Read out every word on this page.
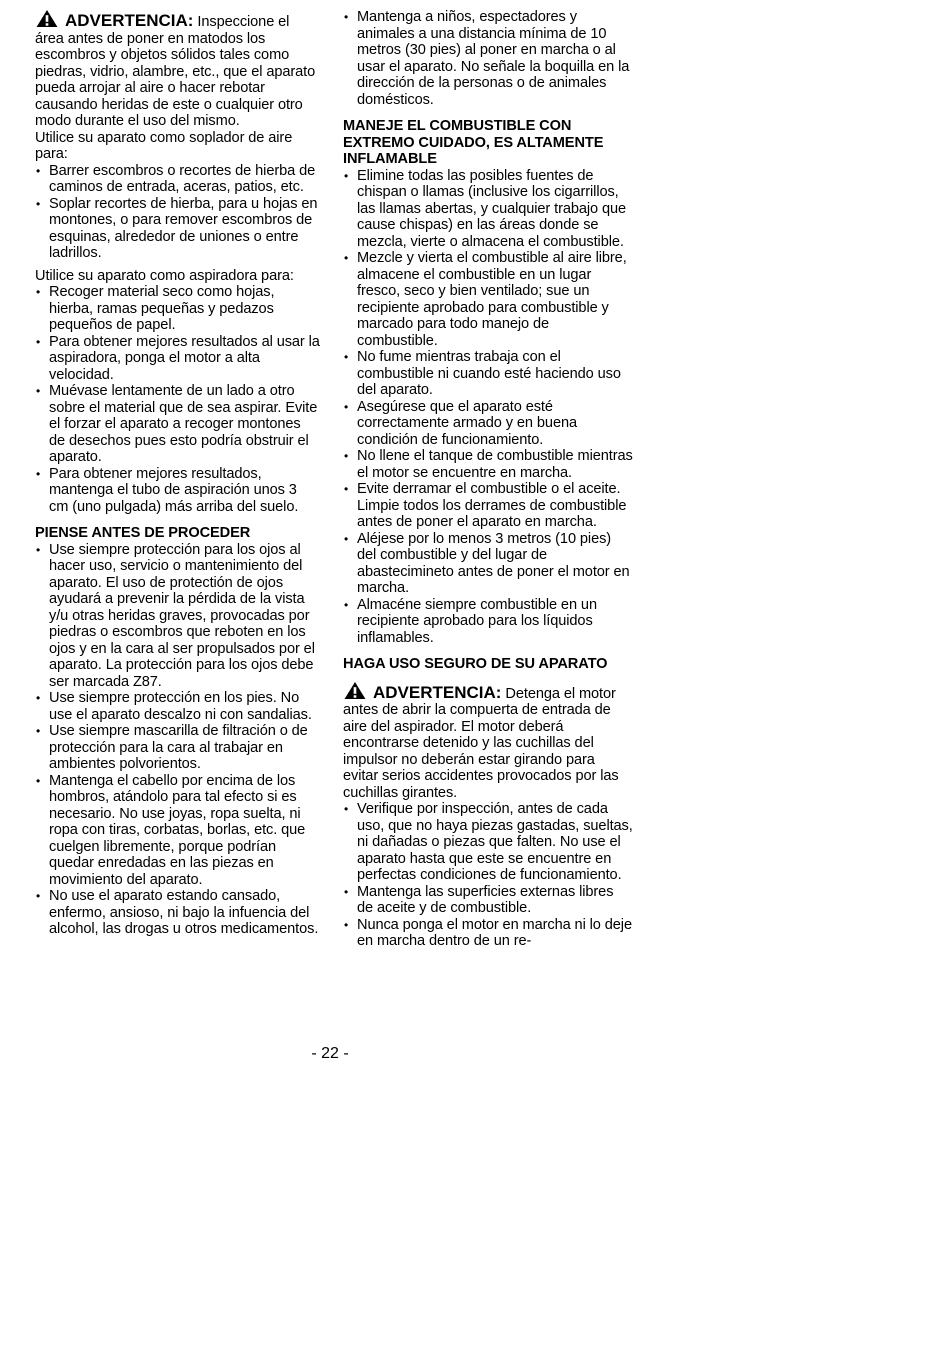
ADVERTENCIA: Inspeccione el área antes de poner en matodos los escombros y objetos sólidos tales como piedras, vidrio, alambre, etc., que el aparato pueda arrojar al aire o hacer rebotar causando heridas de este o cualquier otro modo durante el uso del mismo.

Utilice su aparato como soplador de aire para:

• Barrer escombros o recortes de hierba de caminos de entrada, aceras, patios, etc.
• Soplar recortes de hierba, para u hojas en montones, o para remover escombros de esquinas, alrededor de uniones o entre ladrillos.

Utilice su aparato como aspiradora para:

• Recoger material seco como hojas, hierba, ramas pequeñas y pedazos pequeños de papel.
• Para obtener mejores resultados al usar la aspiradora, ponga el motor a alta velocidad.
• Muévase lentamente de un lado a otro sobre el material que de sea aspirar. Evite el forzar el aparato a recoger montones de desechos pues esto podría obstruir el aparato.
• Para obtener mejores resultados, mantenga el tubo de aspiración unos 3 cm (uno pulgada) más arriba del suelo.

PIENSE ANTES DE PROCEDER

• Use siempre protección para los ojos al hacer uso, servicio o mantenimiento del aparato. El uso de protectión de ojos ayudará a prevenir la pérdida de la vista y/u otras heridas graves, provocadas por piedras o escombros que reboten en los ojos y en la cara al ser propulsados por el aparato. La protección para los ojos debe ser marcada Z87.
• Use siempre protección en los pies. No use el aparato descalzo ni con sandalias.
• Use siempre mascarilla de filtración o de protección para la cara al trabajar en ambientes polvorientos.
• Mantenga el cabello por encima de los hombros, atándolo para tal efecto si es necesario. No use joyas, ropa suelta, ni ropa con tiras, corbatas, borlas, etc. que cuelgen libremente, porque podrían quedar enredadas en las piezas en movimiento del aparato.
• No use el aparato estando cansado, enfermo, ansioso, ni bajo la infuencia del alcohol, las drogas u otros medicamentos.
• Mantenga a niños, espectadores y animales a una distancia mínima de 10 metros (30 pies) al poner en marcha o al usar el aparato. No señale la boquilla en la dirección de la personas o de animales domésticos.

MANEJE EL COMBUSTIBLE CON EXTREMO CUIDADO, ES ALTAMENTE INFLAMABLE

• Elimine todas las posibles fuentes de chispan o llamas (inclusive los cigarrillos, las llamas abertas, y cualquier trabajo que cause chispas) en las áreas donde se mezcla, vierte o almacena el combustible.
• Mezcle y vierta el combustible al aire libre, almacene el combustible en un lugar fresco, seco y bien ventilado; sue un recipiente aprobado para combustible y marcado para todo manejo de combustible.
• No fume mientras trabaja con el combustible ni cuando esté haciendo uso del aparato.
• Asegúrese que el aparato esté correctamente armado y en buena condición de funcionamiento.
• No llene el tanque de combustible mientras el motor se encuentre en marcha.
• Evite derramar el combustible o el aceite. Limpie todos los derrames de combustible antes de poner el aparato en marcha.
• Aléjese por lo menos 3 metros (10 pies) del combustible y del lugar de abastecimineto antes de poner el motor en marcha.
• Almacéne siempre combustible en un recipiente aprobado para los líquidos inflamables.

HAGA USO SEGURO DE SU APARATO

ADVERTENCIA: Detenga el motor antes de abrir la compuerta de entrada de aire del aspirador. El motor deberá encontrarse detenido y las cuchillas del impulsor no deberán estar girando para evitar serios accidentes provocados por las cuchillas girantes.

• Verifique por inspección, antes de cada uso, que no haya piezas gastadas, sueltas, ni dañadas o piezas que falten. No use el aparato hasta que este se encuentre en perfectas condiciones de funcionamiento.
• Mantenga las superficies externas libres de aceite y de combustible.
• Nunca ponga el motor en marcha ni lo deje en marcha dentro de un re-
- 22 -
